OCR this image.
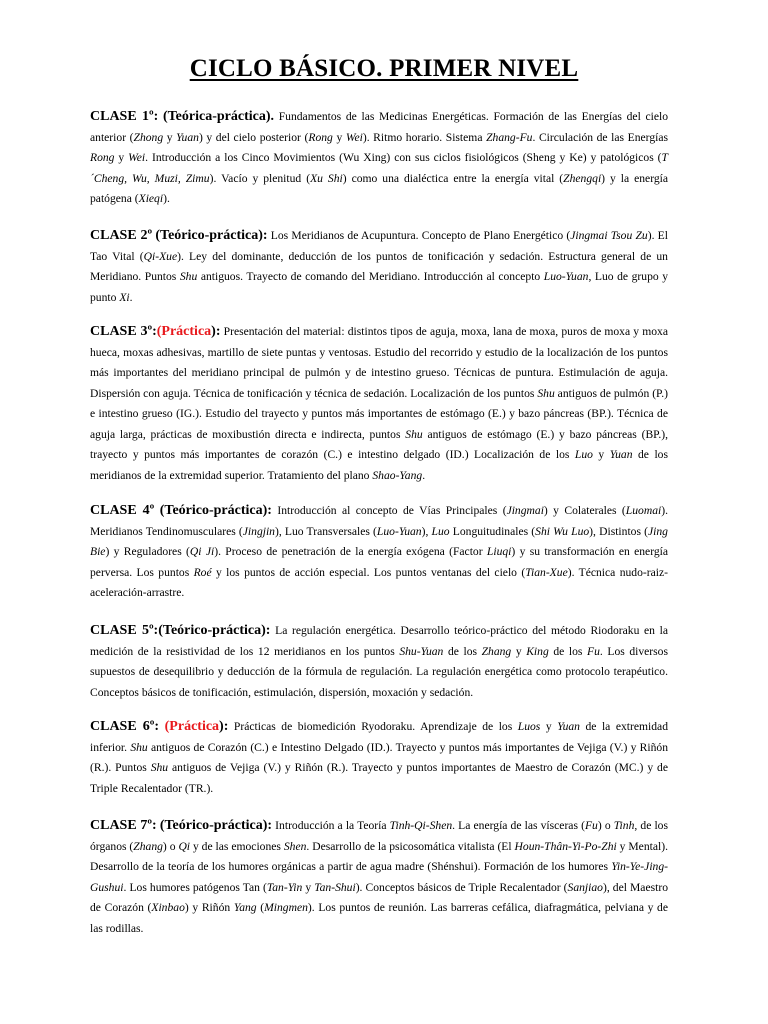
CICLO BÁSICO. PRIMER NIVEL
CLASE 1º: (Teórica-práctica). Fundamentos de las Medicinas Energéticas. Formación de las Energías del cielo anterior (Zhong y Yuan) y del cielo posterior (Rong y Wei). Ritmo horario. Sistema Zhang-Fu. Circulación de las Energías Rong y Wei. Introducción a los Cinco Movimientos (Wu Xing) con sus ciclos fisiológicos (Sheng y Ke) y patológicos (T´Cheng, Wu, Muzi, Zimu). Vacío y plenitud (Xu Shi) como una dialéctica entre la energía vital (Zhengqi) y la energía patógena (Xieqi).
CLASE 2º (Teórico-práctica): Los Meridianos de Acupuntura. Concepto de Plano Energético (Jingmai Tsou Zu). El Tao Vital (Qi-Xue). Ley del dominante, deducción de los puntos de tonificación y sedación. Estructura general de un Meridiano. Puntos Shu antiguos. Trayecto de comando del Meridiano. Introducción al concepto Luo-Yuan, Luo de grupo y punto Xi.
CLASE 3º:(Práctica): Presentación del material: distintos tipos de aguja, moxa, lana de moxa, puros de moxa y moxa hueca, moxas adhesivas, martillo de siete puntas y ventosas. Estudio del recorrido y estudio de la localización de los puntos más importantes del meridiano principal de pulmón y de intestino grueso. Técnicas de puntura. Estimulación de aguja. Dispersión con aguja. Técnica de tonificación y técnica de sedación. Localización de los puntos Shu antiguos de pulmón (P.) e intestino grueso (IG.). Estudio del trayecto y puntos más importantes de estómago (E.) y bazo páncreas (BP.). Técnica de aguja larga, prácticas de moxibustión directa e indirecta, puntos Shu antiguos de estómago (E.) y bazo páncreas (BP.), trayecto y puntos más importantes de corazón (C.) e intestino delgado (ID.) Localización de los Luo y Yuan de los meridianos de la extremidad superior. Tratamiento del plano Shao-Yang.
CLASE 4º (Teórico-práctica): Introducción al concepto de Vías Principales (Jingmai) y Colaterales (Luomai). Meridianos Tendinomusculares (Jingjin), Luo Transversales (Luo-Yuan), Luo Longuitudinales (Shi Wu Luo), Distintos (Jing Bie) y Reguladores (Qi Ji). Proceso de penetración de la energía exógena (Factor Liuqi) y su transformación en energía perversa. Los puntos Roé y los puntos de acción especial. Los puntos ventanas del cielo (Tian-Xue). Técnica nudo-raiz-aceleración-arrastre.
CLASE 5º:(Teórico-práctica): La regulación energética. Desarrollo teórico-práctico del método Riodoraku en la medición de la resistividad de los 12 meridianos en los puntos Shu-Yuan de los Zhang y King de los Fu. Los diversos supuestos de desequilibrio y deducción de la fórmula de regulación. La regulación energética como protocolo terapéutico. Conceptos básicos de tonificación, estimulación, dispersión, moxación y sedación.
CLASE 6º: (Práctica): Prácticas de biomedición Ryodoraku. Aprendizaje de los Luos y Yuan de la extremidad inferior. Shu antiguos de Corazón (C.) e Intestino Delgado (ID.). Trayecto y puntos más importantes de Vejiga (V.) y Riñón (R.). Puntos Shu antiguos de Vejiga (V.) y Riñón (R.). Trayecto y puntos importantes de Maestro de Corazón (MC.) y de Triple Recalentador (TR.).
CLASE 7º: (Teórico-práctica): Introducción a la Teoría Tinh-Qi-Shen. La energía de las vísceras (Fu) o Tinh, de los órganos (Zhang) o Qi y de las emociones Shen. Desarrollo de la psicosomática vitalista (El Houn-Thân-Yi-Po-Zhi y Mental). Desarrollo de la teoría de los humores orgánicas a partir de agua madre (Shénshui). Formación de los humores Yin-Ye-Jing-Gushui. Los humores patógenos Tan (Tan-Yin y Tan-Shui). Conceptos básicos de Triple Recalentador (Sanjiao), del Maestro de Corazón (Xinbao) y Riñón Yang (Mingmen). Los puntos de reunión. Las barreras cefálica, diafragmática, pelviana y de las rodillas.
